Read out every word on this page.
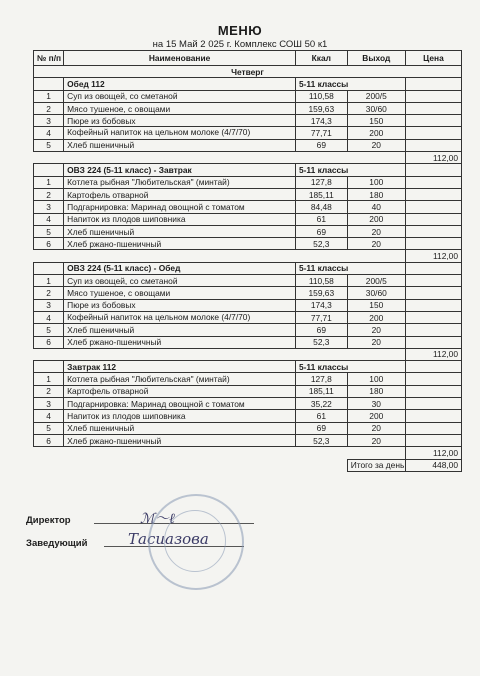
МЕНЮ
на 15 Май 2 025 г. Комплекс СОШ 50 к1
№ п/п	Наименование	Ккал	Выход	Цена
Четверг				
	Обед 112	5-11 классы		
1	Суп из овощей, со сметаной	110,58	200/5	
2	Мясо тушеное, с овощами	159,63	30/60	
3	Пюре из бобовых	174,3	150	
4	Кофейный напиток на цельном молоке (4/7/70)	77,71	200	
5	Хлеб пшеничный	69	20	
				112,00
	ОВЗ 224 (5-11 класс) - Завтрак	5-11 классы		
1	Котлета рыбная "Любительская" (минтай)	127,8	100	
2	Картофель отварной	185,11	180	
3	Подгарнировка: Маринад овощной с томатом	84,48	40	
4	Напиток из плодов шиповника	61	200	
5	Хлеб пшеничный	69	20	
6	Хлеб ржано-пшеничный	52,3	20	
				112,00
	ОВЗ 224 (5-11 класс) - Обед	5-11 классы		
1	Суп из овощей, со сметаной	110,58	200/5	
2	Мясо тушеное, с овощами	159,63	30/60	
3	Пюре из бобовых	174,3	150	
4	Кофейный напиток на цельном молоке (4/7/70)	77,71	200	
5	Хлеб пшеничный	69	20	
6	Хлеб ржано-пшеничный	52,3	20	
				112,00
	Завтрак 112	5-11 классы		
1	Котлета рыбная "Любительская" (минтай)	127,8	100	
2	Картофель отварной	185,11	180	
3	Подгарнировка: Маринад овощной с томатом	35,22	30	
4	Напиток из плодов шиповника	61	200	
5	Хлеб пшеничный	69	20	
6	Хлеб ржано-пшеничный	52,3	20	
				112,00
			Итого за день	448,00
Директор	ℳ〜ℓ
Заведующий	Тасиазова
